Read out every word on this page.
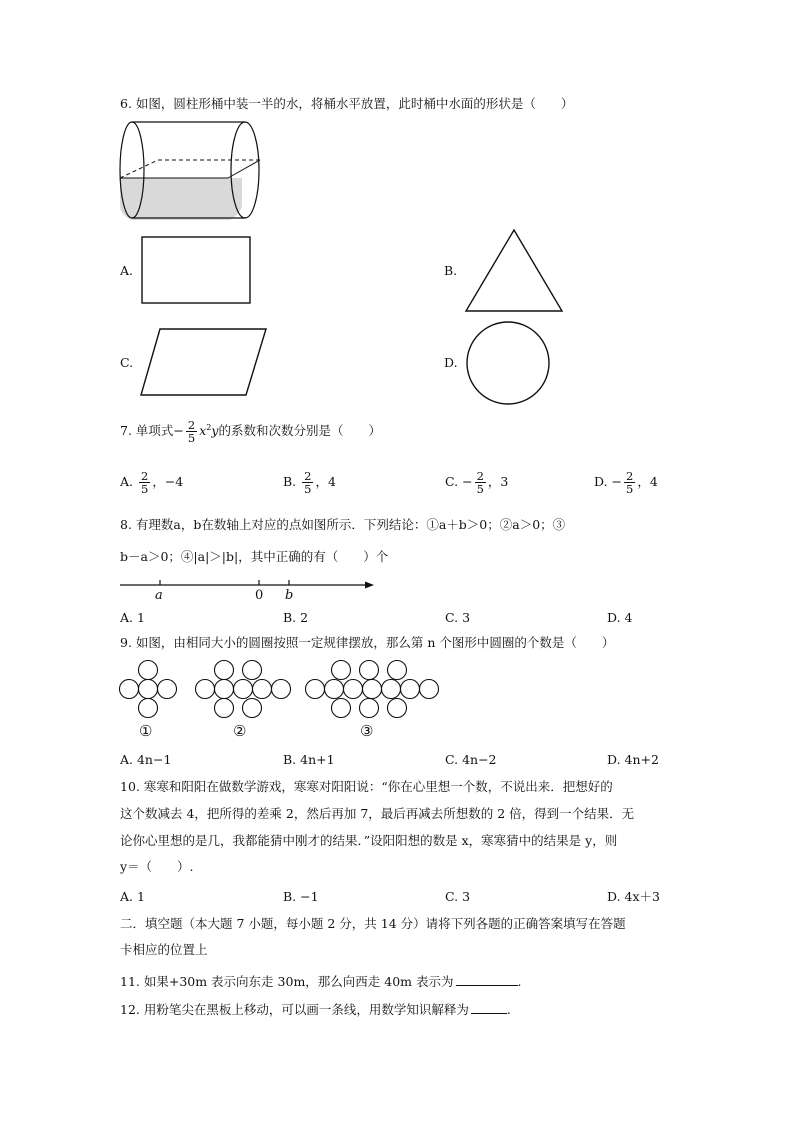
6. 如图，圆柱形桶中装一半的水，将桶水平放置，此时桶中水面的形状是（　　）
A.	B.
C.	D.
7. 单项式− $\frac{2}{5} x^2y$的系数和次数分别是（　　）
A. $\frac{2}{5}$ ，−4	B. $\frac{2}{5}$ ，4	C. − $\frac{2}{5}$ ，3	D. − $\frac{2}{5}$ ，4
8. 有理数a，b在数轴上对应的点如图所示．下列结论：①a＋b＞0；②a＞0；③
b－a＞0；④|a|＞|b|，其中正确的有（　　）个
a	0 b
A. 1	B. 2	C. 3	D. 4
9. 如图，由相同大小的圆圈按照一定规律摆放，那么第 n 个图形中圆圈的个数是（　　）
①	②	③
A. 4n−1	B. 4n+1	C. 4n−2	D. 4n+2
10. 寒寒和阳阳在做数学游戏，寒寒对阳阳说：“你在心里想一个数，不说出来．把想好的
这个数减去 4，把所得的差乘 2，然后再加 7，最后再减去所想数的 2 倍，得到一个结果．无
论你心里想的是几，我都能猜中刚才的结果．”设阳阳想的数是 x，寒寒猜中的结果是 y，则
y＝（　　）.
A. 1	B. −1	C. 3	D. 4x＋3
二．填空题（本大题 7 小题，每小题 2 分，共 14 分）请将下列各题的正确答案填写在答题
卡相应的位置上
11. 如果+30m 表示向东走 30m，那么向西走 40m 表示为	.
12. 用粉笔尖在黑板上移动，可以画一条线，用数学知识解释为	.
